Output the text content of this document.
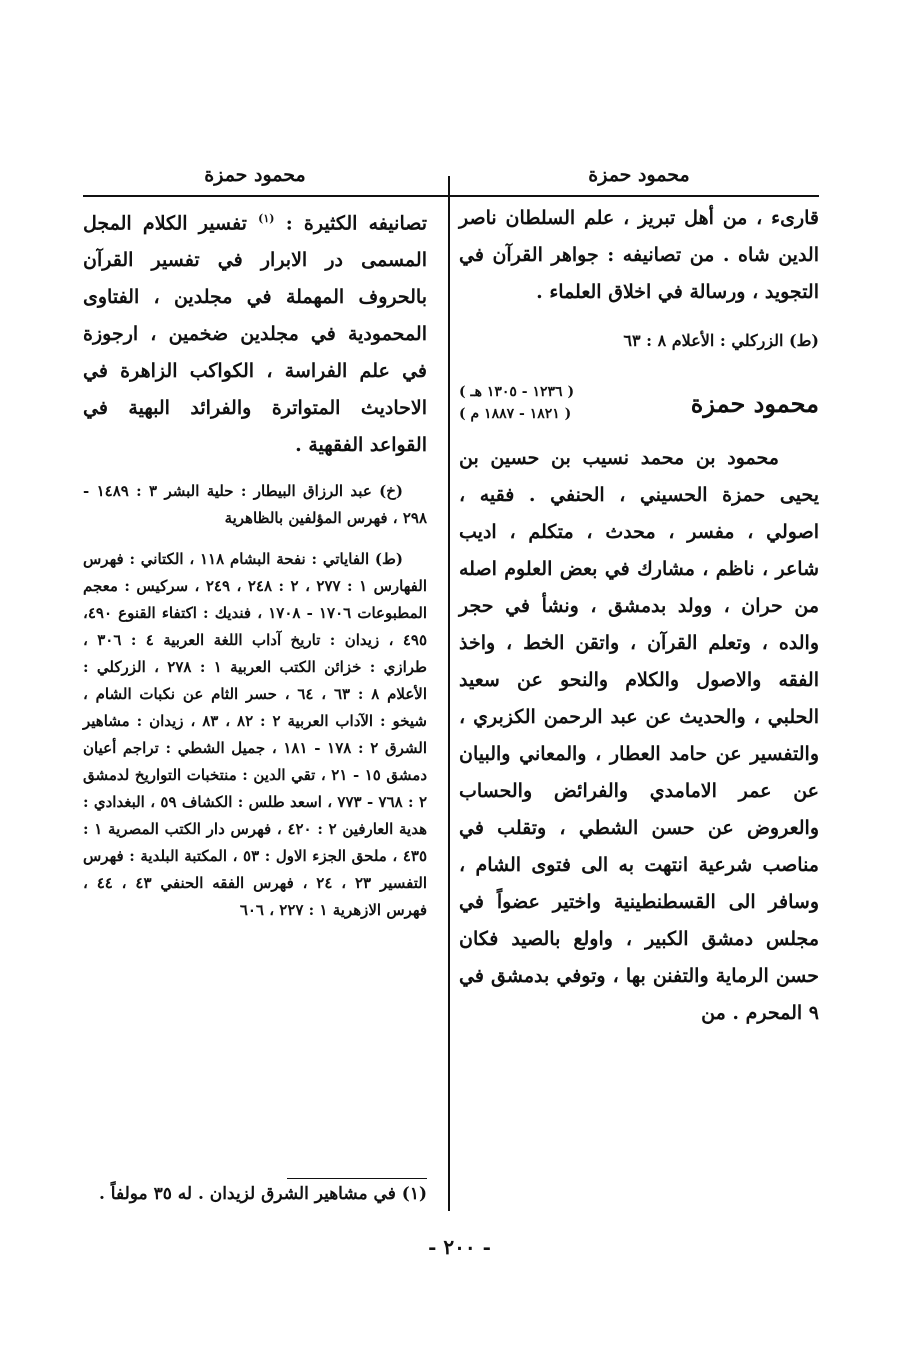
محمود حمزة
محمود حمزة

قارىء ، من أهل تبريز ، علم السلطان ناصر الدين شاه . من تصانيفه : جواهر القرآن في التجويد ، ورسالة في اخلاق العلماء .

(ط) الزركلي : الأعلام ٨ : ٦٣

محمود حمزة
( ١٢٣٦ - ١٣٠٥ هـ )
( ١٨٢١ - ١٨٨٧ م )

محمود بن محمد نسيب بن حسين بن يحيى حمزة الحسيني ، الحنفي . فقيه ، اصولي ، مفسر ، محدث ، متكلم ، اديب شاعر ، ناظم ، مشارك في بعض العلوم اصله من حران ، وولد بدمشق ، ونشأ في حجر والده ، وتعلم القرآن ، واتقن الخط ، واخذ الفقه والاصول والكلام والنحو عن سعيد الحلبي ، والحديث عن عبد الرحمن الكزبري ، والتفسير عن حامد العطار ، والمعاني والبيان عن عمر الامامدي والفرائض والحساب والعروض عن حسن الشطي ، وتقلب في مناصب شرعية انتهت به الى فتوى الشام ، وسافر الى القسطنطينية واختير عضواً في مجلس دمشق الكبير ، واولع بالصيد فكان حسن الرماية والتفنن بها ، وتوفي بدمشق في ٩ المحرم . من

تصانيفه الكثيرة : $^{(١)}$ تفسير الكلام المجل المسمى در الابرار في تفسير القرآن بالحروف المهملة في مجلدين ، الفتاوى المحمودية في مجلدين ضخمين ، ارجوزة في علم الفراسة ، الكواكب الزاهرة في الاحاديث المتواترة والفرائد البهية في القواعد الفقهية .

(خ) عبد الرزاق البيطار : حلية البشر ٣ : ١٤٨٩ - ٢٩٨ ، فهرس المؤلفين بالظاهرية

(ط) الفاياتي : نفحة البشام ١١٨ ، الكتاني : فهرس الفهارس ١ : ٢٧٧ ، ٢ : ٢٤٨ ، ٢٤٩ ، سركيس : معجم المطبوعات ١٧٠٦ - ١٧٠٨ ، فنديك : اكتفاء القنوع ٤٩٠، ٤٩٥ ، زيدان : تاريخ آداب اللغة العربية ٤ : ٣٠٦ ، طرازي : خزائن الكتب العربية ١ : ٢٧٨ ، الزركلي : الأعلام ٨ : ٦٣ ، ٦٤ ، حسر الثام عن نكبات الشام ، شيخو : الآداب العربية ٢ : ٨٢ ، ٨٣ ، زيدان : مشاهير الشرق ٢ : ١٧٨ - ١٨١ ، جميل الشطي : تراجم أعيان دمشق ١٥ - ٢١ ، تقي الدين : منتخبات التواريخ لدمشق ٢ : ٧٦٨ - ٧٧٣ ، اسعد طلس : الكشاف ٥٩ ، البغدادي : هدية العارفين ٢ : ٤٢٠ ، فهرس دار الكتب المصرية ١ : ٤٣٥ ، ملحق الجزء الاول : ٥٣ ، المكتبة البلدية : فهرس التفسير ٢٣ ، ٢٤ ، فهرس الفقه الحنفي ٤٣ ، ٤٤ ، فهرس الازهرية ١ : ٢٢٧ ، ٦٠٦

(١) في مشاهير الشرق لزيدان . له ٣٥ مولفاً .
- ٢٠٠ -
